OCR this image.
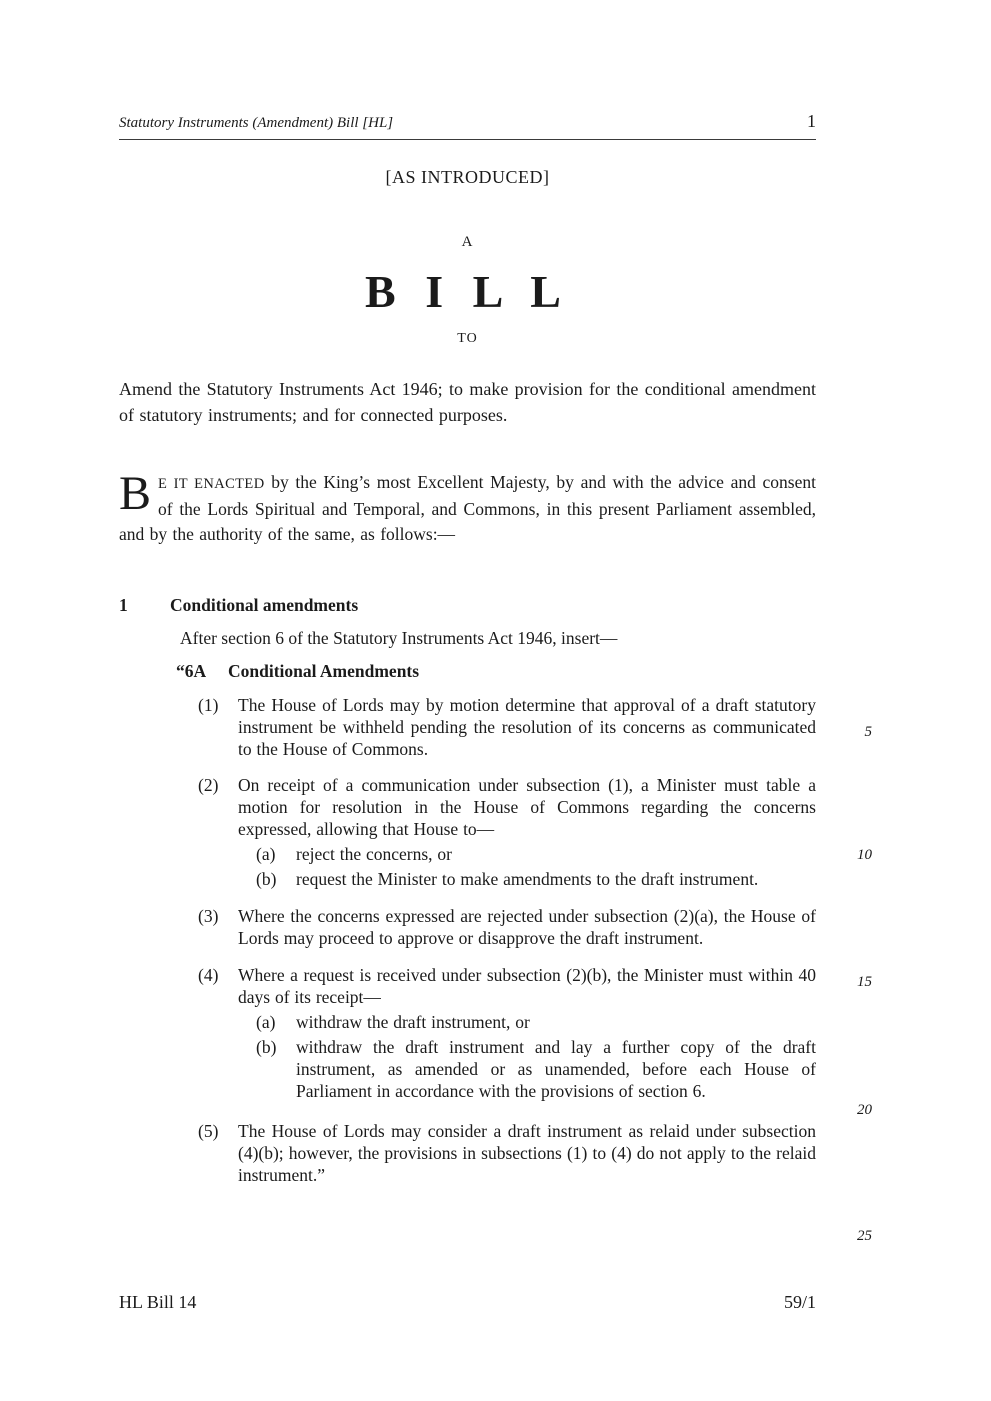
Statutory Instruments (Amendment) Bill [HL]	1
[AS INTRODUCED]
A
B I L L
TO

Amend the Statutory Instruments Act 1946; to make provision for the conditional amendment of statutory instruments; and for connected purposes.

B E IT ENACTED by the King’s most Excellent Majesty, by and with the advice and consent of the Lords Spiritual and Temporal, and Commons, in this present Parliament assembled, and by the authority of the same, as follows:—

1	Conditional amendments

After section 6 of the Statutory Instruments Act 1946, insert—

“6A	Conditional Amendments
(1)	The House of Lords may by motion determine that approval of a draft statutory instrument be withheld pending the resolution of its concerns as communicated to the House of Commons.

(2)	On receipt of a communication under subsection (1), a Minister must table a motion for resolution in the House of Commons regarding the concerns expressed, allowing that House to—

(a)	reject the concerns, or

(b)	request the Minister to make amendments to the draft instrument.

(3)	Where the concerns expressed are rejected under subsection (2)(a), the House of Lords may proceed to approve or disapprove the draft instrument.

(4)	Where a request is received under subsection (2)(b), the Minister must within 40 days of its receipt—

(a)	withdraw the draft instrument, or

(b)	withdraw the draft instrument and lay a further copy of the draft instrument, as amended or as unamended, before each House of Parliament in accordance with the provisions of section 6.

(5)	The House of Lords may consider a draft instrument as relaid under subsection (4)(b); however, the provisions in subsections (1) to (4) do not apply to the relaid instrument.”

5
10
15
20
25
HL Bill 14	59/1
